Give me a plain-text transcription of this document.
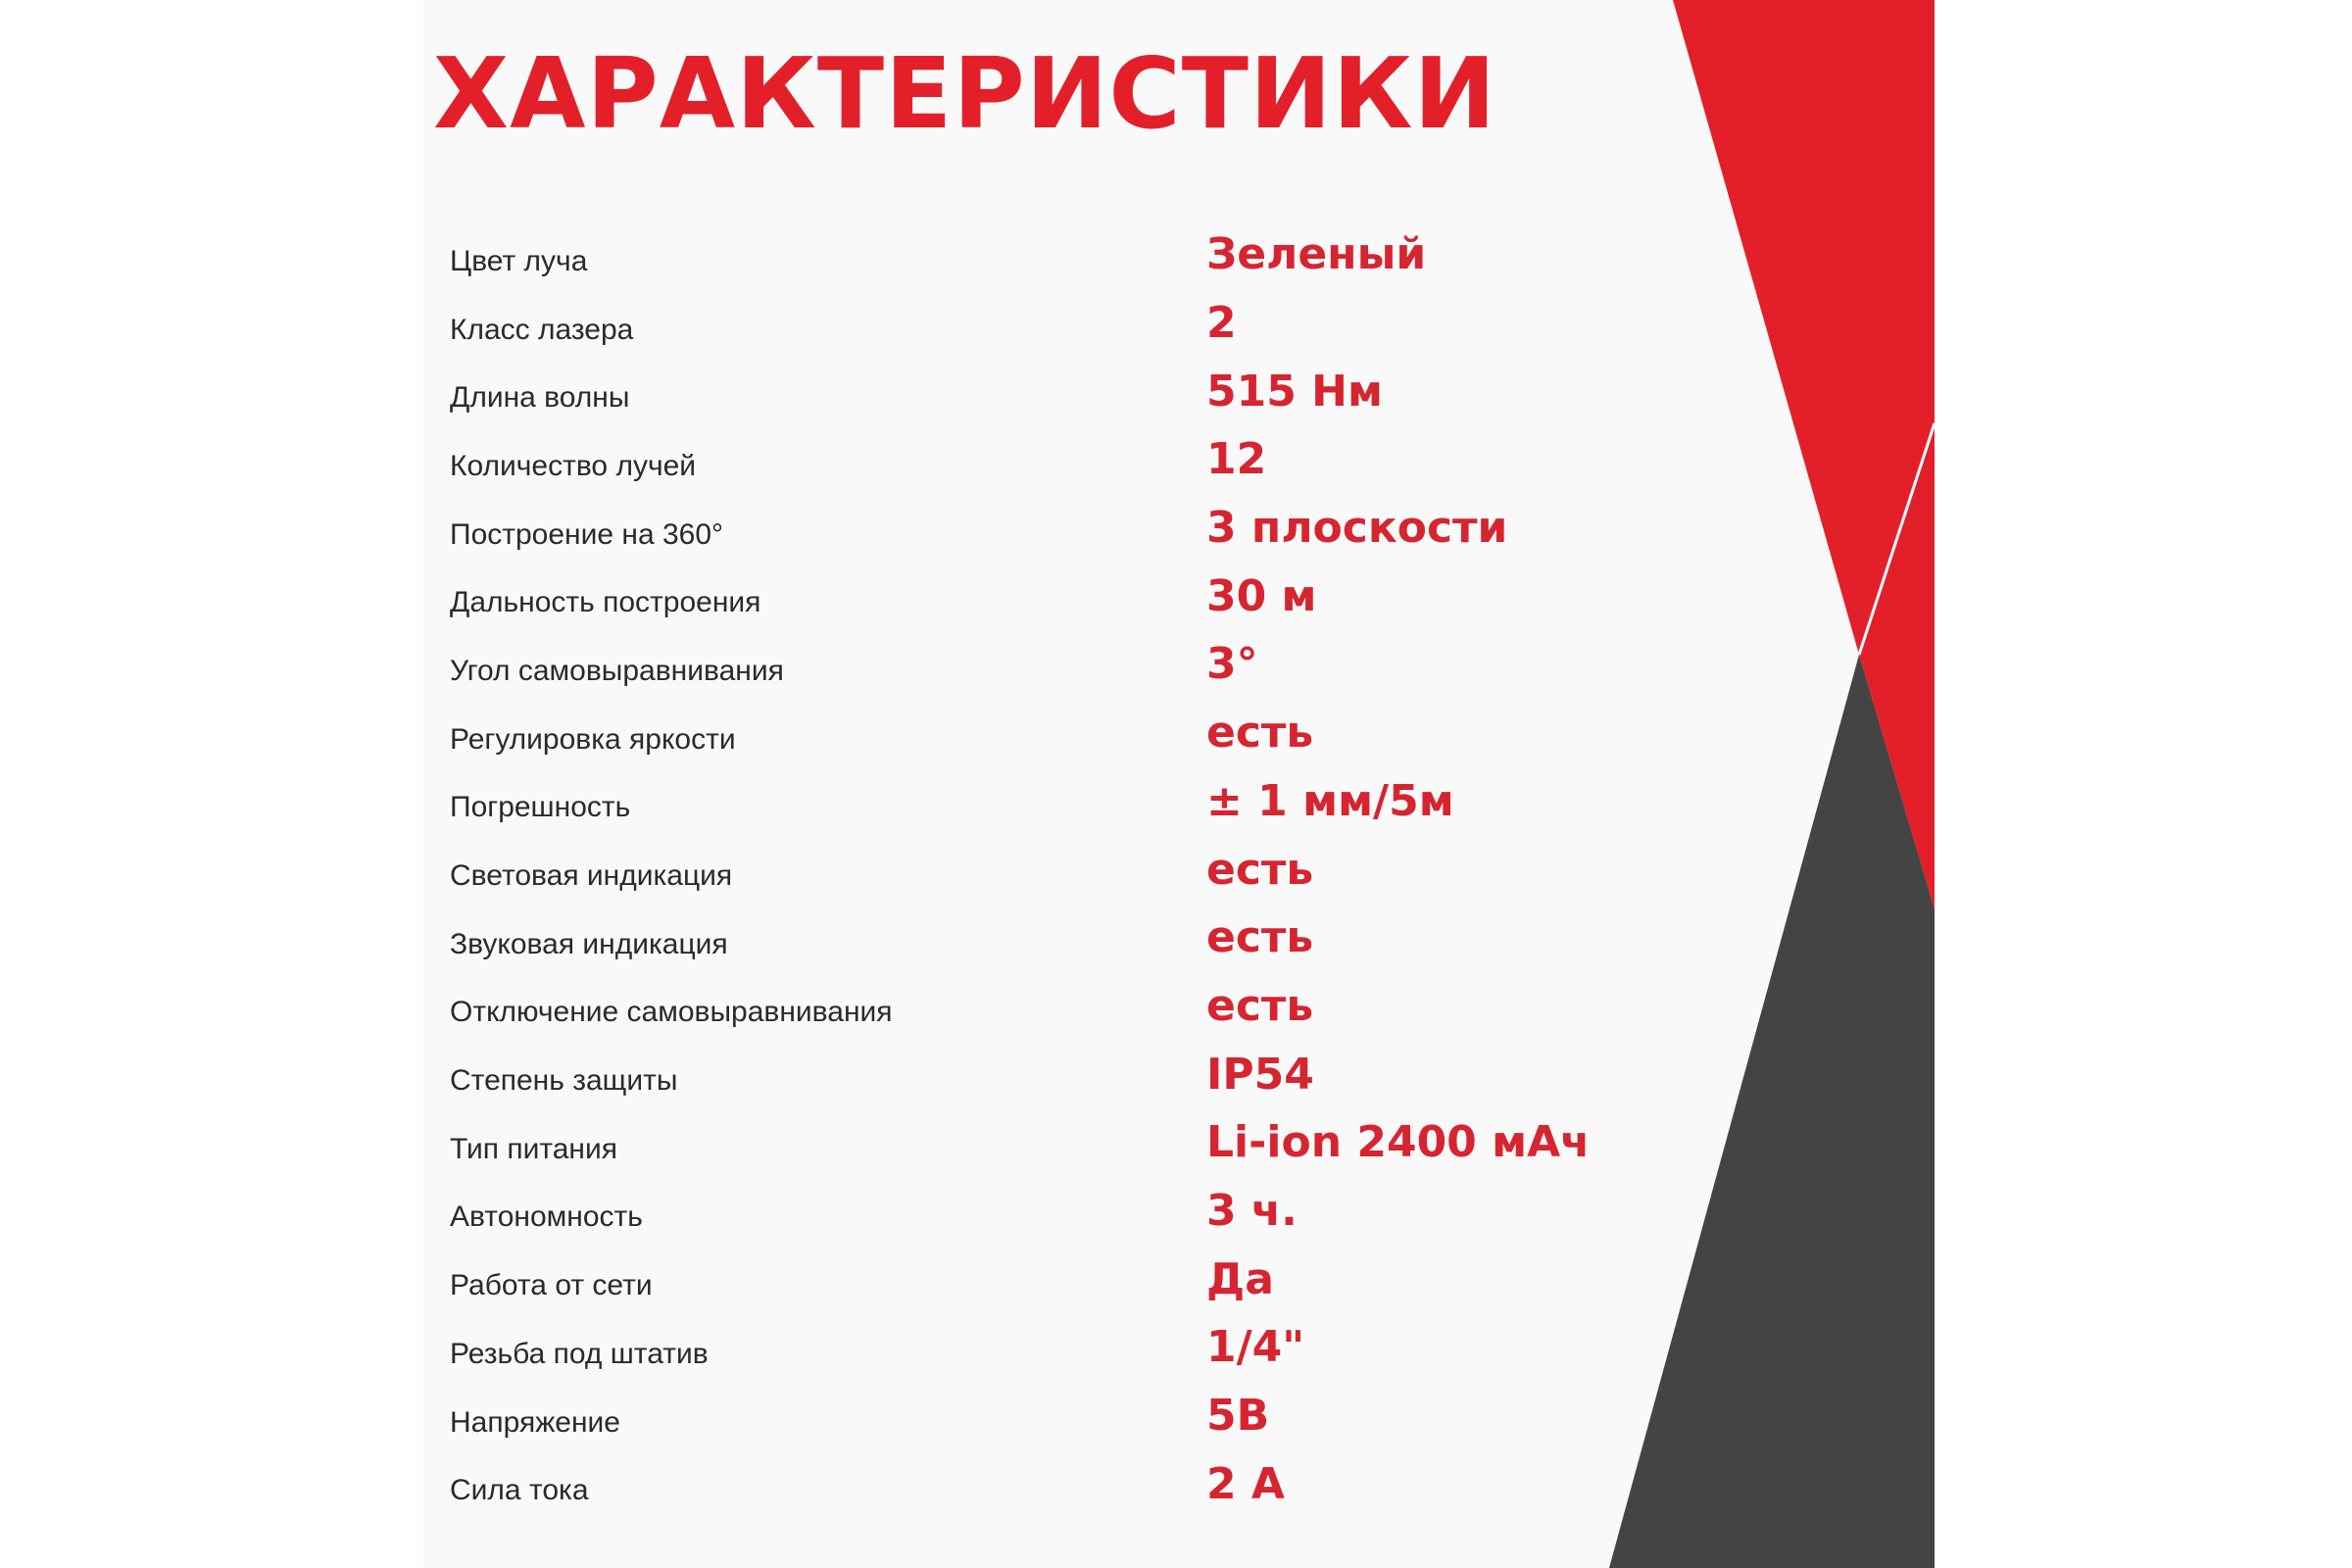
ХАРАКТЕРИСТИКИ
Цвет луча	Зеленый
Класс лазера	2
Длина волны	515 Нм
Количество лучей	12
Построение на 360°	3 плоскости
Дальность построения	30 м
Угол самовыравнивания	3°
Регулировка яркости	есть
Погрешность	± 1 мм/5м
Световая индикация	есть
Звуковая индикация	есть
Отключение самовыравнивания	есть
Степень защиты	IP54
Тип питания	Li-ion 2400 мАч
Автономность	3 ч.
Работа от сети	Да
Резьба под штатив	1/4"
Напряжение	5В
Сила тока	2 А
